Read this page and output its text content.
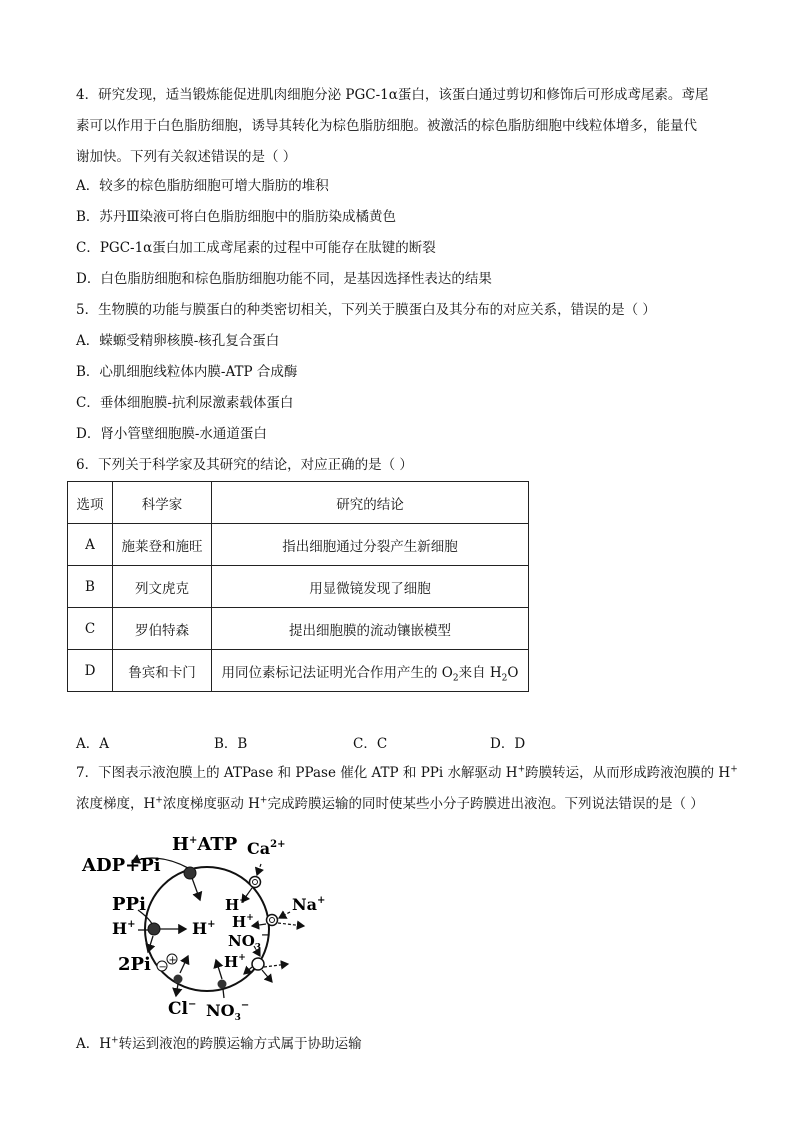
4．研究发现，适当锻炼能促进肌肉细胞分泌 PGC-1α蛋白，该蛋白通过剪切和修饰后可形成鸢尾素。鸢尾
素可以作用于白色脂肪细胞，诱导其转化为棕色脂肪细胞。被激活的棕色脂肪细胞中线粒体增多，能量代
谢加快。下列有关叙述错误的是（ ）
A．较多的棕色脂肪细胞可增大脂肪的堆积
B．苏丹Ⅲ染液可将白色脂肪细胞中的脂肪染成橘黄色
C．PGC-1α蛋白加工成鸢尾素的过程中可能存在肽键的断裂
D．白色脂肪细胞和棕色脂肪细胞功能不同，是基因选择性表达的结果
5．生物膜的功能与膜蛋白的种类密切相关，下列关于膜蛋白及其分布的对应关系，错误的是（ ）
A．蝾螈受精卵核膜-核孔复合蛋白
B．心肌细胞线粒体内膜-ATP 合成酶
C．垂体细胞膜-抗利尿激素载体蛋白
D．肾小管壁细胞膜-水通道蛋白
6．下列关于科学家及其研究的结论，对应正确的是（ ）
选项	科学家	研究的结论
A	施莱登和施旺	指出细胞通过分裂产生新细胞
B	列文虎克	用显微镜发现了细胞
C	罗伯特森	提出细胞膜的流动镶嵌模型
D	鲁宾和卡门	用同位素标记法证明光合作用产生的 $O_2$来自 $H_2O$
A．A	B．B	C．C	D．D
7．下图表示液泡膜上的 ATPase 和 PPase 催化 ATP 和 PPi 水解驱动 H+跨膜转运，从而形成跨液泡膜的 H+
浓度梯度，H+浓度梯度驱动 H+完成跨膜运输的同时使某些小分子跨膜进出液泡。下列说法错误的是（ ）
ADP+Pi
H+ATP $Ca^{2+}$
H+	Na+
H+
$NO_3^-$
H+
PPi
H+	H+
2Pi −
+
Cl− $NO_3^-$
A．H+转运到液泡的跨膜运输方式属于协助运输
